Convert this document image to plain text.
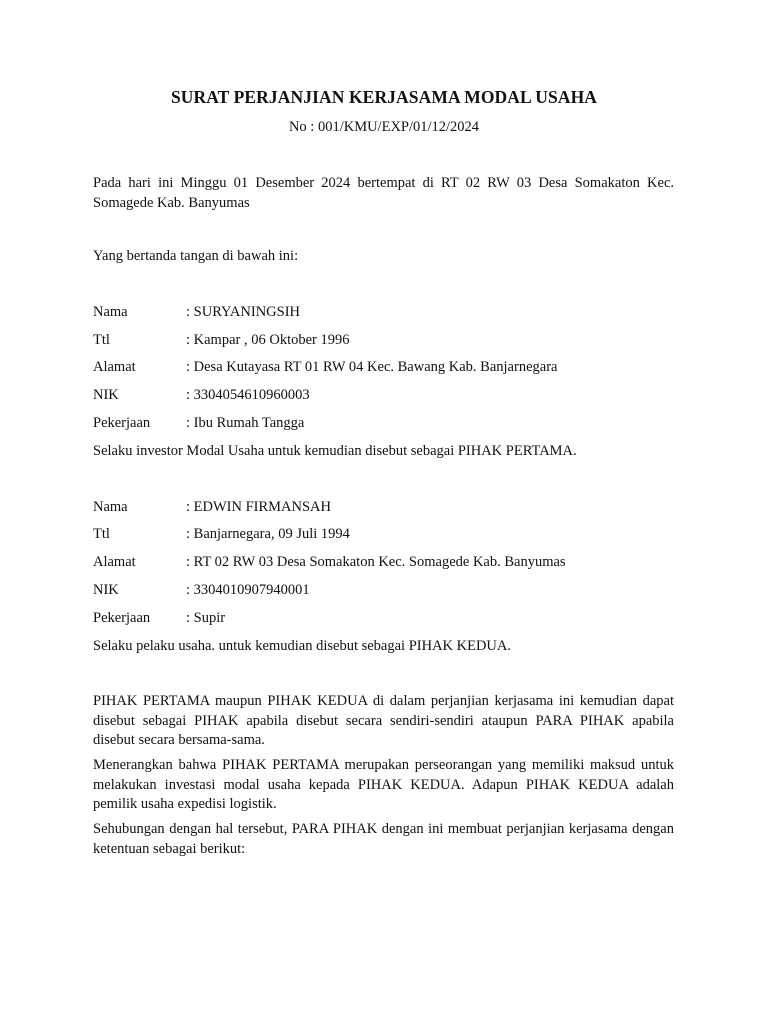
SURAT PERJANJIAN KERJASAMA MODAL USAHA
No : 001/KMU/EXP/01/12/2024

Pada hari ini Minggu 01 Desember 2024 bertempat di RT 02 RW 03 Desa Somakaton Kec. Somagede Kab. Banyumas

Yang bertanda tangan di bawah ini:

Nama	: SURYANINGSIH
Ttl	: Kampar , 06 Oktober 1996
Alamat	: Desa Kutayasa RT 01 RW 04 Kec. Bawang Kab. Banjarnegara
NIK	: 3304054610960003
Pekerjaan : Ibu Rumah Tangga

Selaku investor Modal Usaha untuk kemudian disebut sebagai PIHAK PERTAMA.

Nama	: EDWIN FIRMANSAH
Ttl	: Banjarnegara, 09 Juli 1994
Alamat	: RT 02 RW 03 Desa Somakaton Kec. Somagede Kab. Banyumas
NIK	: 3304010907940001
Pekerjaan : Supir

Selaku pelaku usaha. untuk kemudian disebut sebagai PIHAK KEDUA.

PIHAK PERTAMA maupun PIHAK KEDUA di dalam perjanjian kerjasama ini kemudian dapat disebut sebagai PIHAK apabila disebut secara sendiri-sendiri ataupun PARA PIHAK apabila disebut secara bersama-sama.

Menerangkan bahwa PIHAK PERTAMA merupakan perseorangan yang memiliki maksud untuk melakukan investasi modal usaha kepada PIHAK KEDUA. Adapun PIHAK KEDUA adalah pemilik usaha expedisi logistik.

Sehubungan dengan hal tersebut, PARA PIHAK dengan ini membuat perjanjian kerjasama dengan ketentuan sebagai berikut:
